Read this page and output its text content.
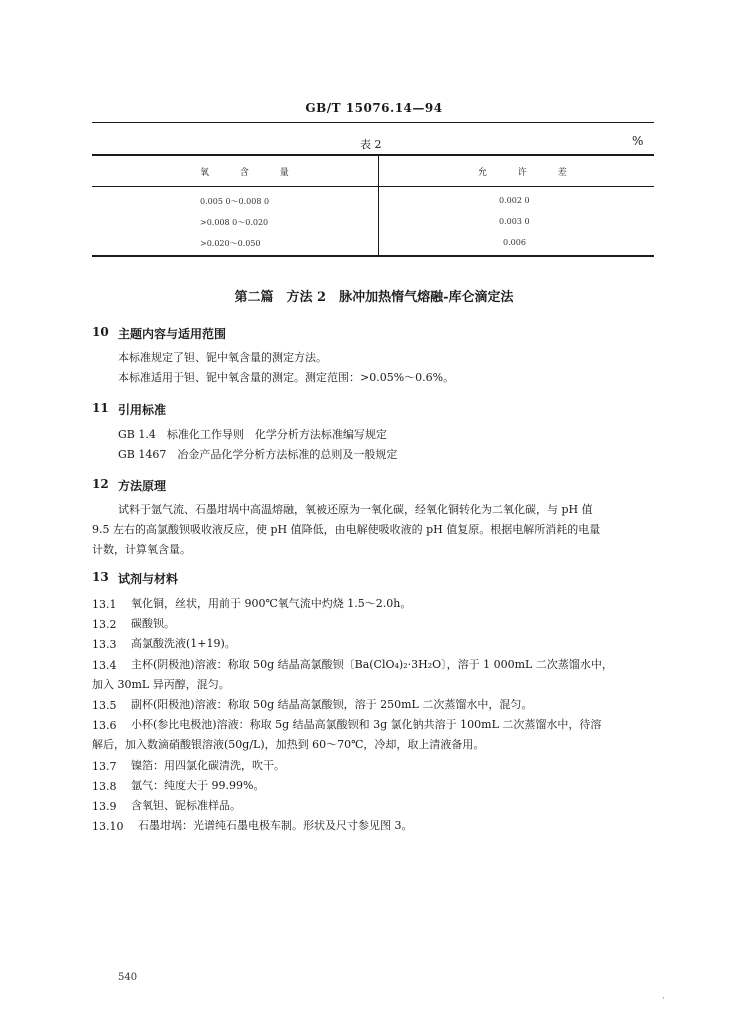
GB/T 15076.14—94
表 2	%
氧 含 量	允 许 差
0.005 0～0.008 0	0.002 0
>0.008 0～0.020	0.003 0
>0.020～0.050	0.006
第二篇　方法 2　脉冲加热惰气熔融-库仑滴定法
10 主题内容与适用范围
本标准规定了钽、铌中氧含量的测定方法。
本标准适用于钽、铌中氧含量的测定。测定范围：>0.05%～0.6%。
11 引用标准
GB 1.4　标准化工作导则　化学分析方法标准编写规定
GB 1467　冶金产品化学分析方法标准的总则及一般规定
12 方法原理
试料于氩气流、石墨坩埚中高温熔融，氧被还原为一氧化碳，经氧化铜转化为二氧化碳，与 pH 值
9.5 左右的高氯酸钡吸收液反应，使 pH 值降低，由电解使吸收液的 pH 值复原。根据电解所消耗的电量
计数，计算氧含量。
13 试剂与材料
13.1 氧化铜，丝状，用前于 900℃氧气流中灼烧 1.5～2.0h。
13.2 碳酸钡。
13.3 高氯酸洗液(1+19)。
13.4 主杯(阴极池)溶液：称取 50g 结晶高氯酸钡〔Ba(ClO₄)₂·3H₂O〕，溶于 1 000mL 二次蒸馏水中，
加入 30mL 异丙醇，混匀。
13.5 副杯(阳极池)溶液：称取 50g 结晶高氯酸钡，溶于 250mL 二次蒸馏水中，混匀。
13.6 小杯(参比电极池)溶液：称取 5g 结晶高氯酸钡和 3g 氯化钠共溶于 100mL 二次蒸馏水中，待溶
解后，加入数滴硝酸银溶液(50g/L)，加热到 60～70℃，冷却，取上清液备用。
13.7 镍箔：用四氯化碳清洗，吹干。
13.8 氩气：纯度大于 99.99%。
13.9 含氧钽、铌标准样品。
13.10 石墨坩埚：光谱纯石墨电极车制。形状及尺寸参见图 3。
540
·
